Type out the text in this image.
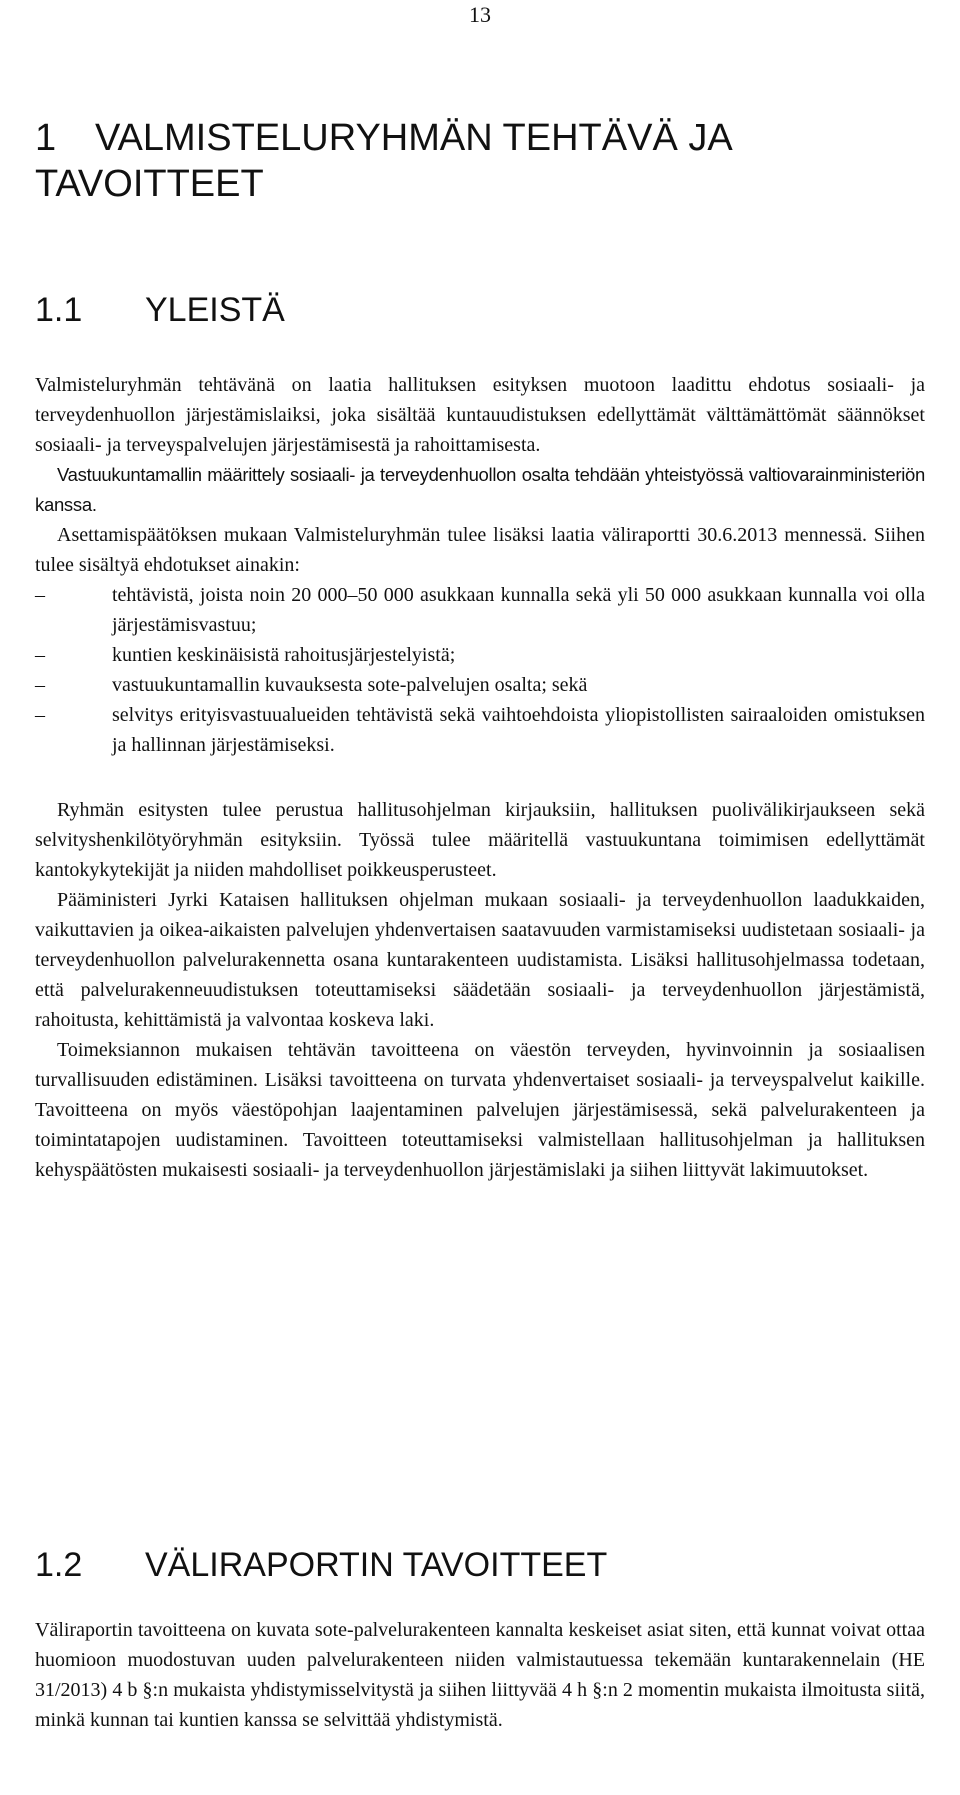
13
1 VALMISTELURYHMÄN TEHTÄVÄ JA TAVOITTEET
1.1 YLEISTÄ

Valmisteluryhmän tehtävänä on laatia hallituksen esityksen muotoon laadittu ehdotus sosiaali- ja terveydenhuollon järjestämislaiksi, joka sisältää kuntauudistuksen edellyttämät välttämättömät säännökset sosiaali- ja terveyspalvelujen järjestämisestä ja rahoittamisesta.

Vastuukuntamallin määrittely sosiaali- ja terveydenhuollon osalta tehdään yhteistyössä valtiovarainministeriön kanssa.

Asettamispäätöksen mukaan Valmisteluryhmän tulee lisäksi laatia väliraportti 30.6.2013 mennessä. Siihen tulee sisältyä ehdotukset ainakin:

–	tehtävistä, joista noin 20 000–50 000 asukkaan kunnalla sekä yli 50 000 asukkaan kunnalla voi olla järjestämisvastuu;
–	kuntien keskinäisistä rahoitusjärjestelyistä;
–	vastuukuntamallin kuvauksesta sote-palvelujen osalta; sekä
–	selvitys erityisvastuualueiden tehtävistä sekä vaihtoehdoista yliopistollisten sairaaloiden omistuksen ja hallinnan järjestämiseksi.

Ryhmän esitysten tulee perustua hallitusohjelman kirjauksiin, hallituksen puolivälikirjaukseen sekä selvityshenkilötyöryhmän esityksiin. Työssä tulee määritellä vastuukuntana toimimisen edellyttämät kantokykytekijät ja niiden mahdolliset poikkeusperusteet.

Pääministeri Jyrki Kataisen hallituksen ohjelman mukaan sosiaali- ja terveydenhuollon laadukkaiden, vaikuttavien ja oikea-aikaisten palvelujen yhdenvertaisen saatavuuden varmistamiseksi uudistetaan sosiaali- ja terveydenhuollon palvelurakennetta osana kuntarakenteen uudistamista. Lisäksi hallitusohjelmassa todetaan, että palvelurakenneuudistuksen toteuttamiseksi säädetään sosiaali- ja terveydenhuollon järjestämistä, rahoitusta, kehittämistä ja valvontaa koskeva laki.

Toimeksiannon mukaisen tehtävän tavoitteena on väestön terveyden, hyvinvoinnin ja sosiaalisen turvallisuuden edistäminen. Lisäksi tavoitteena on turvata yhdenvertaiset sosiaali- ja terveyspalvelut kaikille. Tavoitteena on myös väestöpohjan laajentaminen palvelujen järjestämisessä, sekä palvelurakenteen ja toimintatapojen uudistaminen. Tavoitteen toteuttamiseksi valmistellaan hallitusohjelman ja hallituksen kehyspäätösten mukaisesti sosiaali- ja terveydenhuollon järjestämislaki ja siihen liittyvät lakimuutokset.

1.2 VÄLIRAPORTIN TAVOITTEET

Väliraportin tavoitteena on kuvata sote-palvelurakenteen kannalta keskeiset asiat siten, että kunnat voivat ottaa huomioon muodostuvan uuden palvelurakenteen niiden valmistautuessa tekemään kuntarakennelain (HE 31/2013) 4 b §:n mukaista yhdistymisselvitystä ja siihen liittyvää 4 h §:n 2 momentin mukaista ilmoitusta siitä, minkä kunnan tai kuntien kanssa se selvittää yhdistymistä.
